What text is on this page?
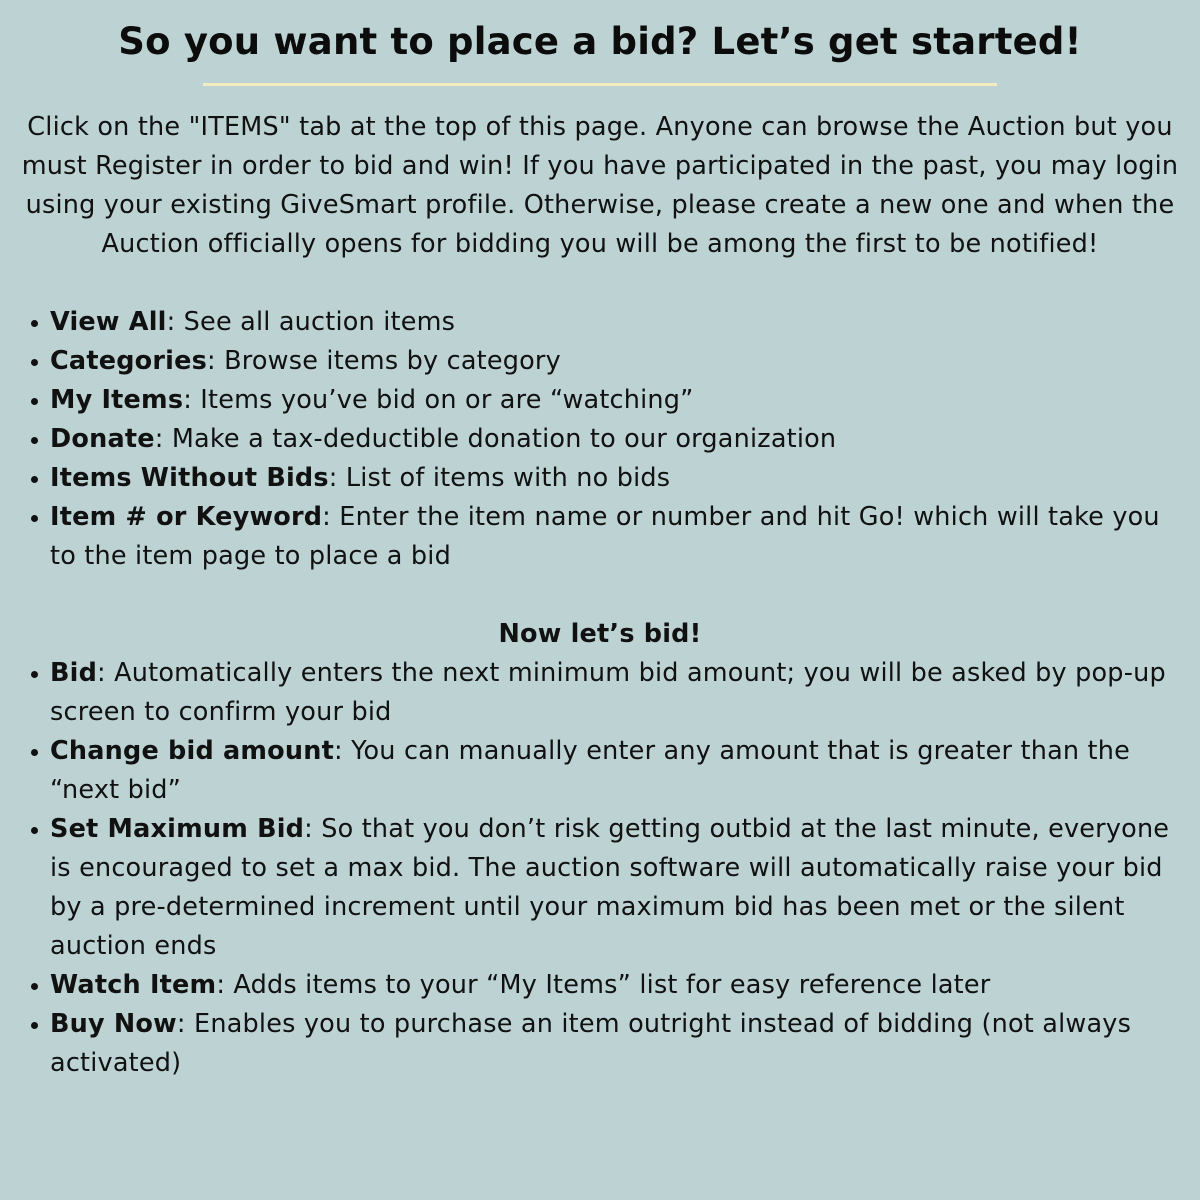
So you want to place a bid? Let’s get started!

Click on the "ITEMS" tab at the top of this page. Anyone can browse the Auction but you must Register in order to bid and win! If you have participated in the past, you may login using your existing GiveSmart profile. Otherwise, please create a new one and when the Auction officially opens for bidding you will be among the first to be notified!

View All: See all auction items
Categories: Browse items by category
My Items: Items you’ve bid on or are “watching”
Donate: Make a tax-deductible donation to our organization
Items Without Bids: List of items with no bids
Item # or Keyword: Enter the item name or number and hit Go! which will take you to the item page to place a bid
Now let’s bid!
Bid: Automatically enters the next minimum bid amount; you will be asked by pop-up screen to confirm your bid
Change bid amount: You can manually enter any amount that is greater than the “next bid”
Set Maximum Bid: So that you don’t risk getting outbid at the last minute, everyone is encouraged to set a max bid. The auction software will automatically raise your bid by a pre-determined increment until your maximum bid has been met or the silent auction ends
Watch Item: Adds items to your “My Items” list for easy reference later
Buy Now: Enables you to purchase an item outright instead of bidding (not always activated)
